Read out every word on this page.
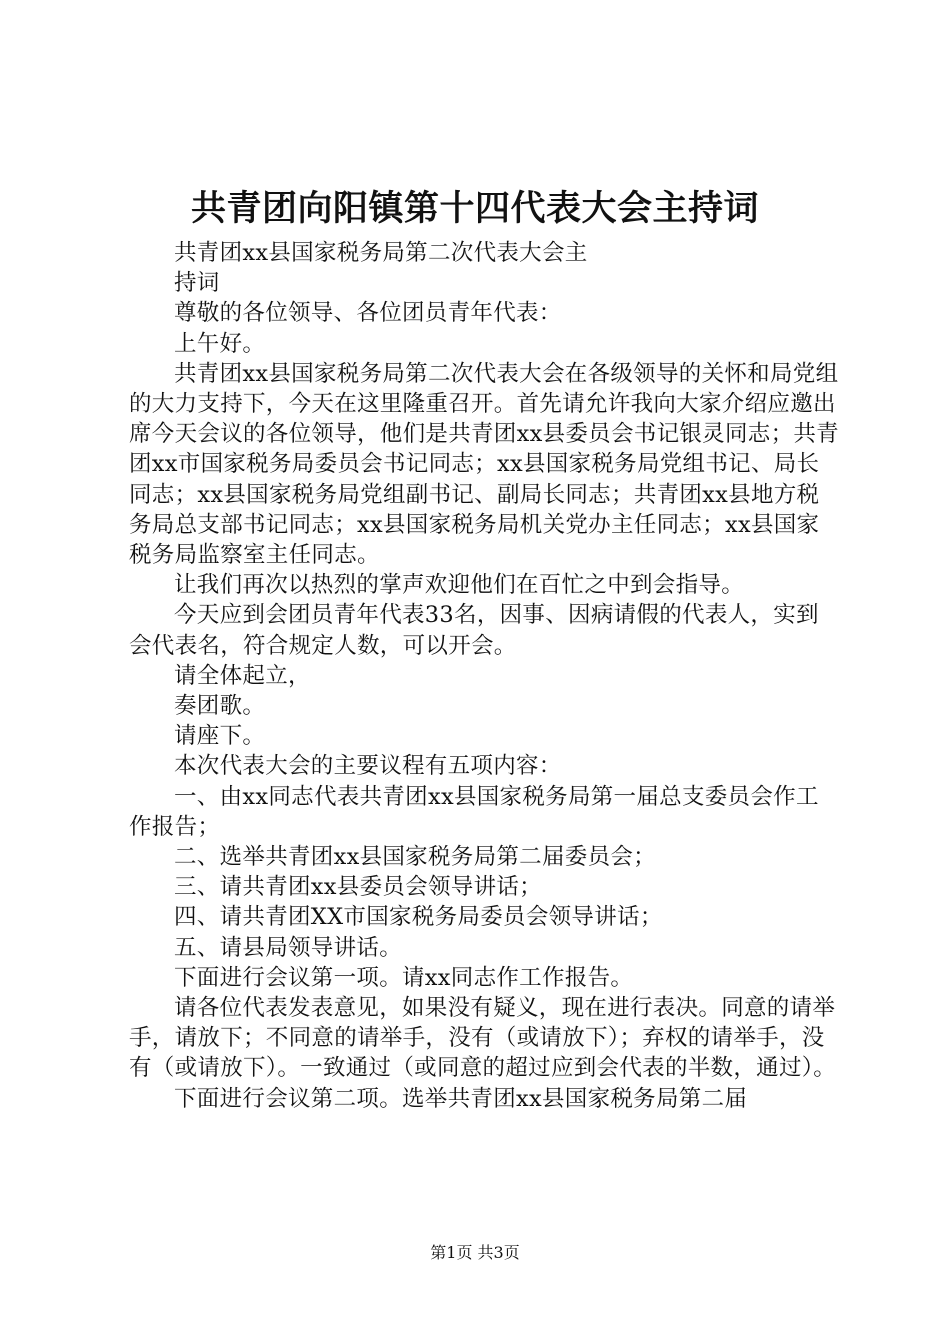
共青团向阳镇第十四代表大会主持词

共青团xx县国家税务局第二次代表大会主

持词

尊敬的各位领导、各位团员青年代表：

上午好。

共青团xx县国家税务局第二次代表大会在各级领导的关怀和局党组的大力支持下，今天在这里隆重召开。首先请允许我向大家介绍应邀出席今天会议的各位领导，他们是共青团xx县委员会书记银灵同志；共青团xx市国家税务局委员会书记同志；xx县国家税务局党组书记、局长同志；xx县国家税务局党组副书记、副局长同志；共青团xx县地方税务局总支部书记同志；xx县国家税务局机关党办主任同志；xx县国家税务局监察室主任同志。

让我们再次以热烈的掌声欢迎他们在百忙之中到会指导。

今天应到会团员青年代表33名，因事、因病请假的代表人，实到会代表名，符合规定人数，可以开会。

请全体起立，

奏团歌。

请座下。

本次代表大会的主要议程有五项内容：

一、由xx同志代表共青团xx县国家税务局第一届总支委员会作工作报告；

二、选举共青团xx县国家税务局第二届委员会；

三、请共青团xx县委员会领导讲话；

四、请共青团XX市国家税务局委员会领导讲话；

五、请县局领导讲话。

下面进行会议第一项。请xx同志作工作报告。

请各位代表发表意见，如果没有疑义，现在进行表决。同意的请举手，请放下；不同意的请举手，没有（或请放下）；弃权的请举手，没有（或请放下）。一致通过（或同意的超过应到会代表的半数，通过）。

下面进行会议第二项。选举共青团xx县国家税务局第二届

第1页 共3页
